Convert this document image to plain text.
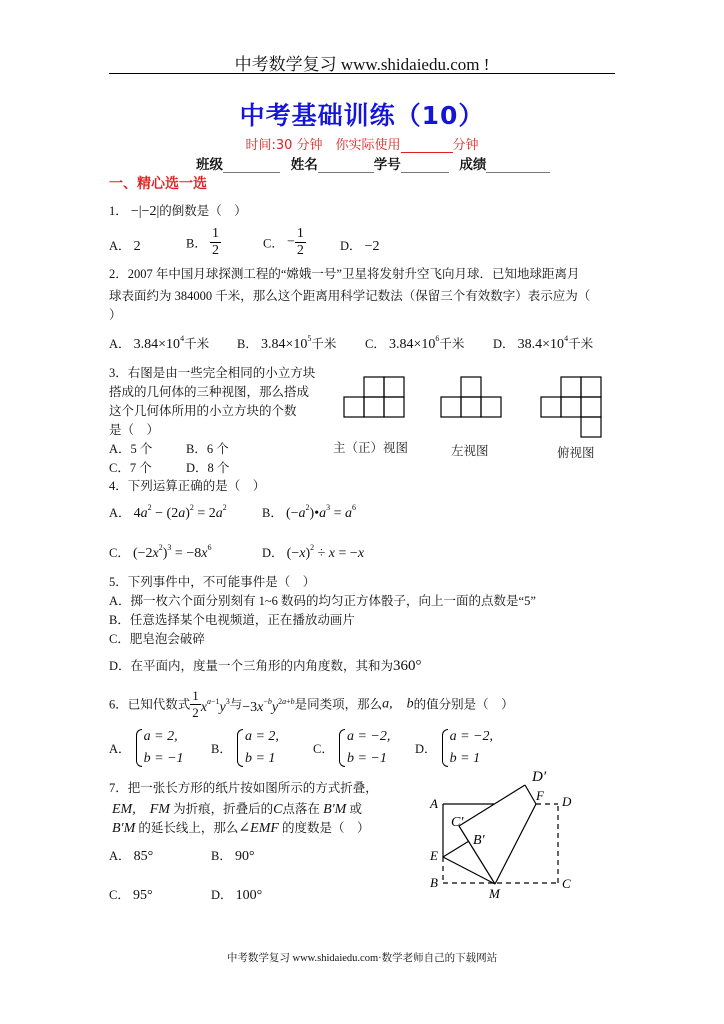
中考数学复习 www.shidaiedu.com !
中考基础训练（10）
时间:30 分钟　你实际使用	分钟
班级	姓名	学号	成绩
一、精心选一选
1． −|−2|的倒数是（　）
A． 2	B． $\frac{1}{2}$	C． − $\frac{1}{2}$	D． −2
2．2007 年中国月球探测工程的“嫦娥一号”卫星将发射升空飞向月球．已知地球距离月
球表面约为 384000 千米，那么这个距离用科学记数法（保留三个有效数字）表示应为（
）
A． $3.84\times 10^4$千米 B． $3.84\times 10^5$千米 C． $3.84\times 10^6$千米 D． $38.4\times 10^4$千米
3．右图是由一些完全相同的小立方块
搭成的几何体的三种视图，那么搭成
这个几何体所用的小立方块的个数
是（　）
A．5 个	B．6 个
C．7 个	D．8 个
主（正）视图	左视图	俯视图
4．下列运算正确的是（　）
A． $4a^2 - (2a)^2 = 2a^2$	B． $(-a^2)•a^3 = a^6$
C． $(-2x^2)^3 = -8x^6$	D． $(-x)^2 \div x = -x$
5．下列事件中，不可能事件是（　）
A．掷一枚六个面分别刻有 1~6 数码的均匀正方体骰子，向上一面的点数是“5”
B．任意选择某个电视频道，正在播放动画片
C．肥皂泡会破碎
D．在平面内，度量一个三角形的内角度数，其和为360°
6．已知代数式 $\frac{1}{2} x^{a-1}y^3$与$-3x^{-b}y^{2a+b}$是同类项，那么a,　b的值分别是（　）
A．
a = 2,
b = −1
B．
a = 2,
b = 1
C．
a = −2,
b = −1
D．
a = −2,
b = 1
7．把一张长方形的纸片按如图所示的方式折叠，
EM,　FM 为折痕，折叠后的C点落在 B′M 或
B′M 的延长线上，那么∠EMF 的度数是（　）
A． 85°	B． 90°
C． 95°	D． 100°
A
B	C
D
E
F
M
D′
C′
B′
中考数学复习 www.shidaiedu.com·数学老师自己的下载网站
